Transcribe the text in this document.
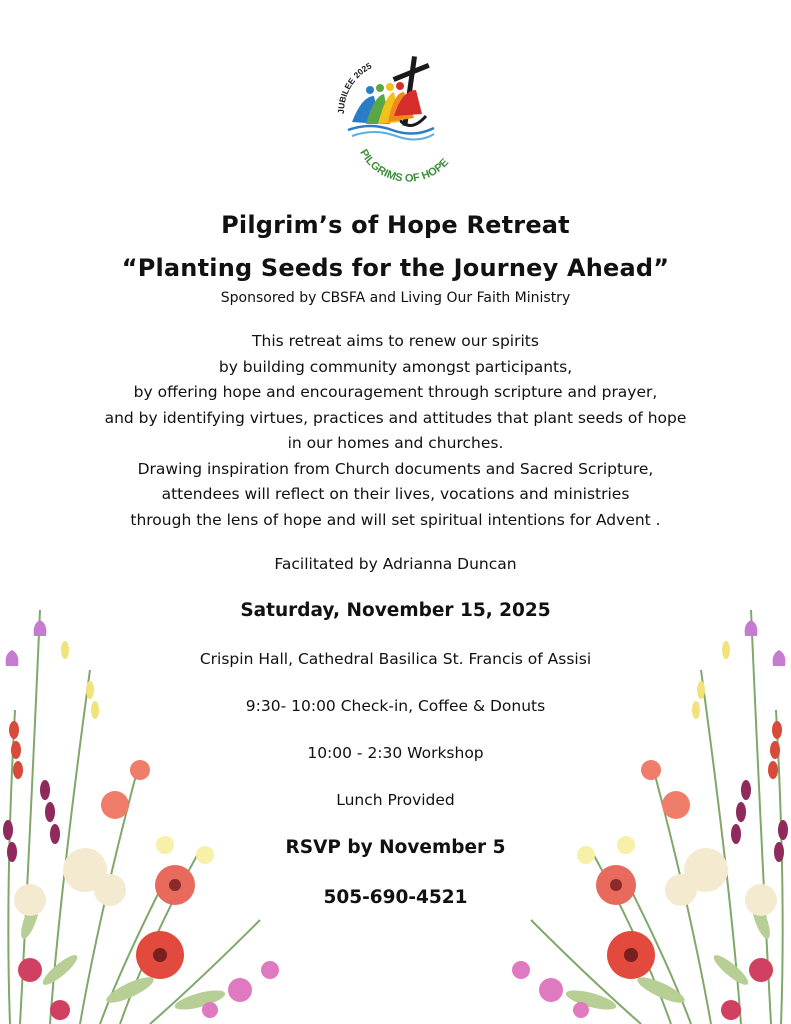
JUBILEE 2025
PILGRIMS OF HOPE
Pilgrim’s of Hope Retreat
“Planting Seeds for the Journey Ahead”
Sponsored by CBSFA and Living Our Faith Ministry
This retreat aims to renew our spirits
by building community amongst participants,
by offering hope and encouragement through scripture and prayer,
and by identifying virtues, practices and attitudes that plant seeds of hope
in our homes and churches.
Drawing inspiration from Church documents and Sacred Scripture,
attendees will reflect on their lives, vocations and ministries
through the lens of hope and will set spiritual intentions for Advent .
Facilitated by Adrianna Duncan
Saturday, November 15, 2025
Crispin Hall, Cathedral Basilica St. Francis of Assisi
9:30- 10:00 Check-in, Coffee & Donuts
10:00 - 2:30 Workshop
Lunch Provided
RSVP by November 5
505-690-4521
